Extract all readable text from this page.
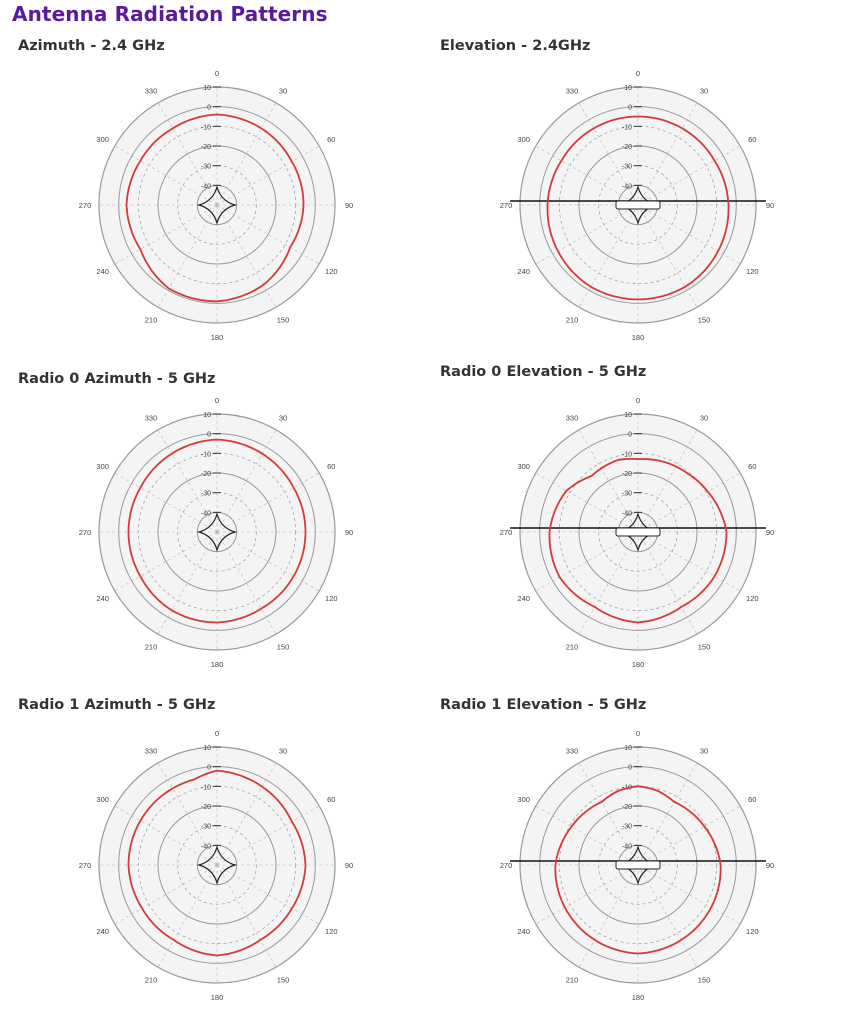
Antenna Radiation Patterns
Azimuth - 2.4 GHz
10
0
-10
-20
-30
-40
0
30
60
90
120
150
180
210
240
270
300
330
Elevation - 2.4GHz
10
0
-10
-20
-30
-40
0
30
60
90
120
150
180
210
240
270
300
330
Radio 0 Azimuth - 5 GHz
10
0
-10
-20
-30
-40
0
30
60
90
120
150
180
210
240
270
300
330
Radio 0 Elevation - 5 GHz
10
0
-10
-20
-30
-40
0
30
60
90
120
150
180
210
240
270
300
330
Radio 1 Azimuth - 5 GHz
10
0
-10
-20
-30
-40
0
30
60
90
120
150
180
210
240
270
300
330
Radio 1 Elevation - 5 GHz
10
0
-10
-20
-30
-40
0
30
60
90
120
150
180
210
240
270
300
330
